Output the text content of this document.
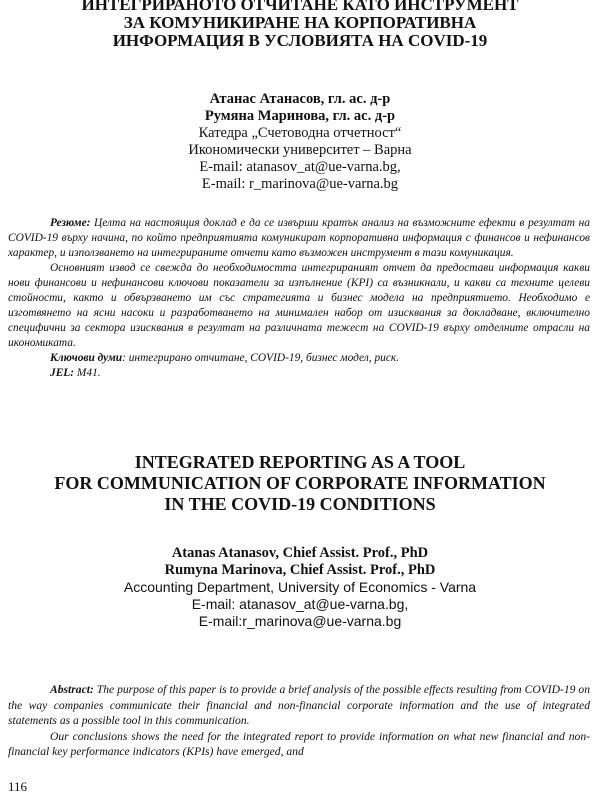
ИНТЕГРИРАНОТО ОТЧИТАНЕ КАТО ИНСТРУМЕНТ
ЗА КОМУНИКИРАНЕ НА КОРПОРАТИВНА
ИНФОРМАЦИЯ В УСЛОВИЯТА НА COVID-19
Атанас Атанасов, гл. ас. д-р
Румяна Маринова, гл. ас. д-р
Катедра „Счетоводна отчетност“
Икономически университет – Варна
E-mail: atanasov_at@ue-varna.bg,
E-mail: r_marinova@ue-varna.bg

Резюме: Целта на настоящия доклад е да се извърши кратък анализ на възможните ефекти в резултат на COVID-19 върху начина, по който предприятията комуникират корпоративна информация с финансов и нефинансов характер, и използването на интегрираните отчети като възможен инструмент в тази комуникация.

Основният извод се свежда до необходимостта интегрираният отчет да предостави информация какви нови финансови и нефинансови ключови показатели за изпълнение (KPI) са възникнали, и какви са техните целеви стойности, както и обвързването им със стратегията и бизнес модела на предприятието. Необходимо е изготвянето на ясни насоки и разработването на минимален набор от изисквания за докладване, включително специфични за сектора изисквания в резултат на различната тежест на COVID-19 върху отделните отрасли на икономиката.

Ключови думи: интегрирано отчитане, COVID-19, бизнес модел, риск.

JEL: M41.

INTEGRATED REPORTING AS A TOOL
FOR COMMUNICATION OF CORPORATE INFORMATION
IN THE COVID-19 CONDITIONS
Atanas Atanasov, Chief Assist. Prof., PhD
Rumyna Marinova, Chief Assist. Prof., PhD
Accounting Department, University of Economics - Varna
E-mail: atanasov_at@ue-varna.bg,
E-mail:r_marinova@ue-varna.bg

Abstract: The purpose of this paper is to provide a brief analysis of the possible effects resulting from COVID-19 on the way companies communicate their financial and non-financial corporate information and the use of integrated statements as a possible tool in this communication.

Our conclusions shows the need for the integrated report to provide information on what new financial and non-financial key performance indicators (KPIs) have emerged, and

116
